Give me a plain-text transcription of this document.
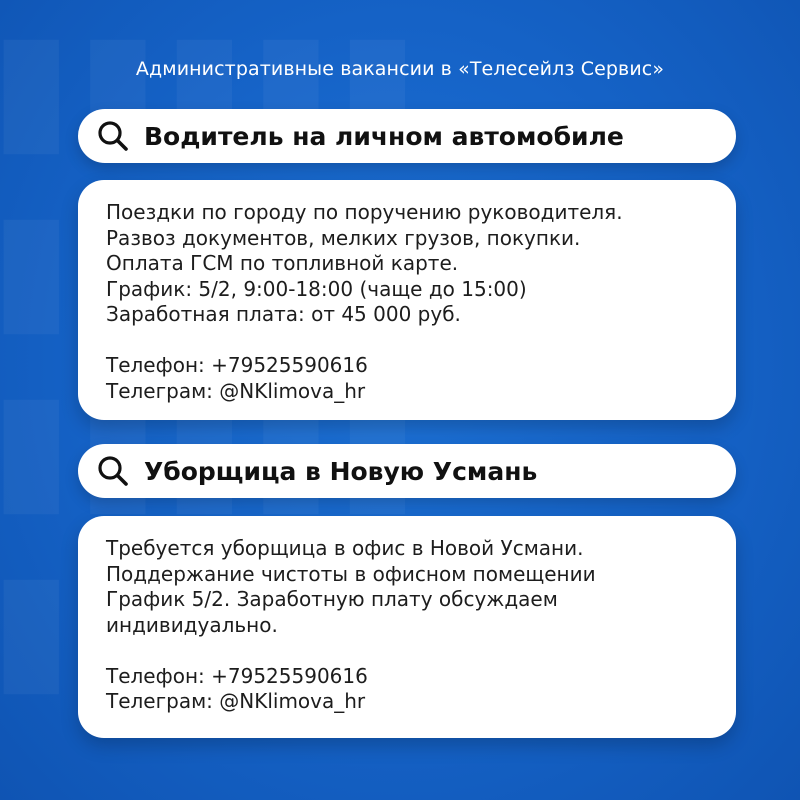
Административные вакансии в «Телесейлз Сервис»
Водитель на личном автомобиле
Поездки по городу по поручению руководителя.
Развоз документов, мелких грузов, покупки.
Оплата ГСМ по топливной карте.
График: 5/2, 9:00-18:00 (чаще до 15:00)
Заработная плата: от 45 000 руб.
Телефон: +79525590616
Телеграм: @NKlimova_hr
Уборщица в Новую Усмань
Требуется уборщица в офис в Новой Усмани.
Поддержание чистоты в офисном помещении
График 5/2. Заработную плату обсуждаем
индивидуально.
Телефон: +79525590616
Телеграм: @NKlimova_hr
